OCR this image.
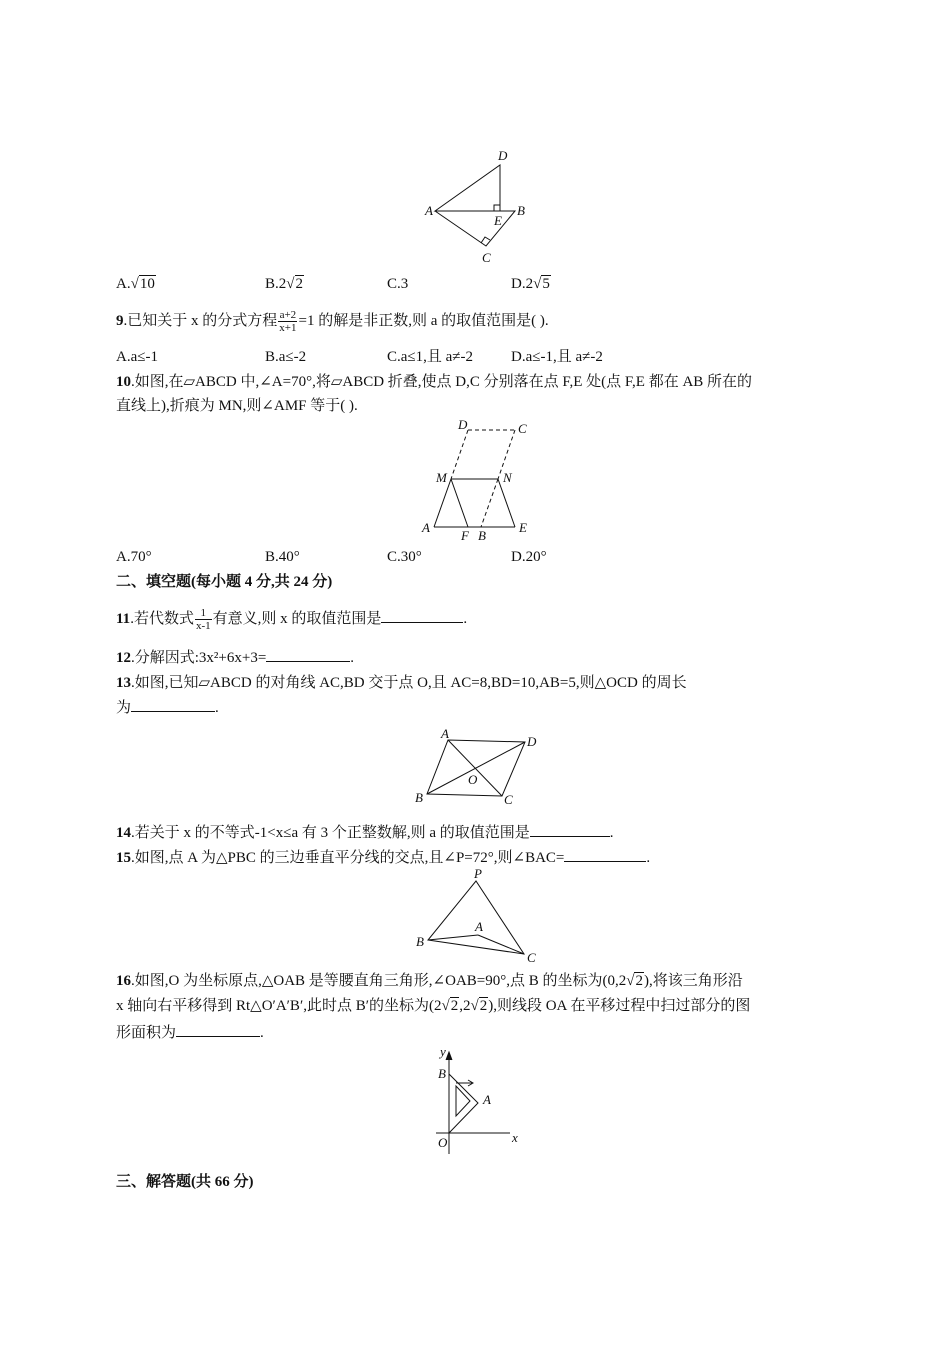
D
A
E
B
C
A.√10	B.2√2	C.3	D.2√5
9.已知关于 x 的分式方程 $\frac{a+2}{x+1} =1$ 的解是非正数,则 a 的取值范围是( ).
A.a≤-1	B.a≤-2	C.a≤1,且 a≠-2	D.a≤-1,且 a≠-2
10.如图,在▱ABCD 中,∠A=70°,将▱ABCD 折叠,使点 D,C 分别落在点 F,E 处(点 F,E 都在 AB 所在的
直线上),折痕为 MN,则∠AMF 等于( ).
D	C
M	N
A
F B
E
A.70°	B.40°	C.30°	D.20°
二、填空题(每小题 4 分,共 24 分)
11.若代数式 $\frac{1}{x-1}$ 有意义,则 x 的取值范围是	.
12.分解因式:3x²+6x+3=	.
13.如图,已知▱ABCD 的对角线 AC,BD 交于点 O,且 AC=8,BD=10,AB=5,则△OCD 的周长
为	.
A
D
O
B	C
14.若关于 x 的不等式-1<x≤a 有 3 个正整数解,则 a 的取值范围是	.
15.如图,点 A 为△PBC 的三边垂直平分线的交点,且∠P=72°,则∠BAC=	.
P
A
B
C
16.如图,O 为坐标原点,△OAB 是等腰直角三角形,∠OAB=90°,点 B 的坐标为(0,2√2),将该三角形沿
x 轴向右平移得到 Rt△O′A′B′,此时点 B′的坐标为(2√2,2√2),则线段 OA 在平移过程中扫过部分的图
形面积为	.
y
B
A
O	x
三、解答题(共 66 分)
